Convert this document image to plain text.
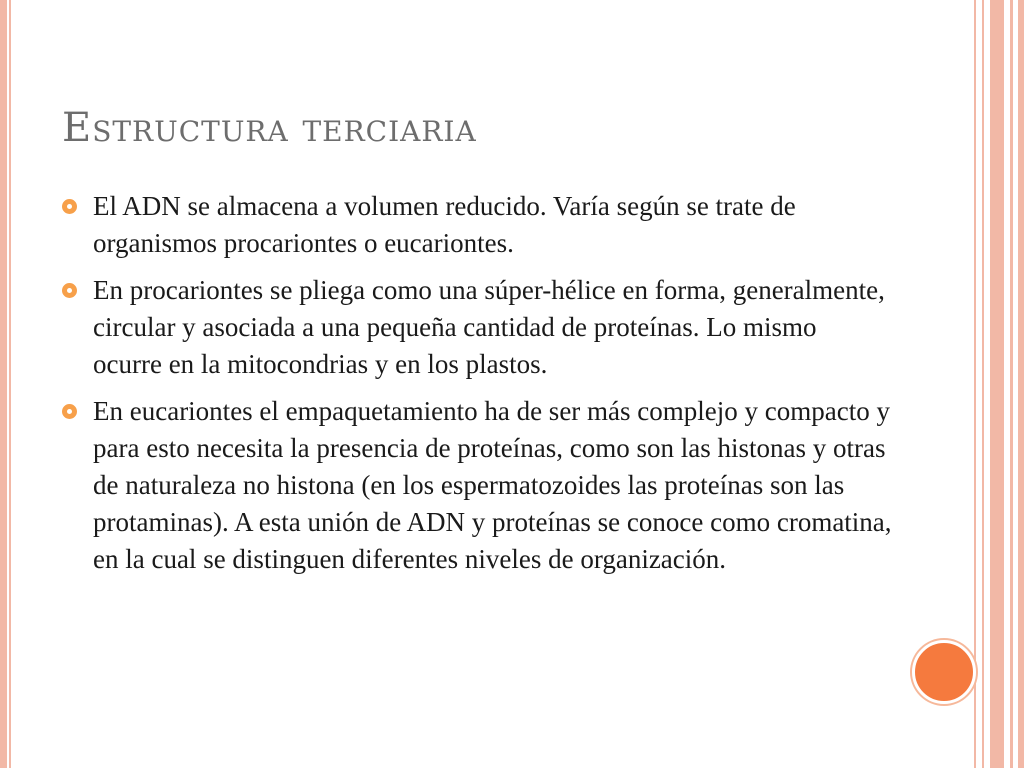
Estructura terciaria
El ADN se almacena a volumen reducido. Varía según se trate de organismos procariontes o eucariontes.
En procariontes se pliega como una súper-hélice en forma, generalmente, circular y asociada a una pequeña cantidad de proteínas. Lo mismo ocurre en la mitocondrias y en los plastos.
En eucariontes el empaquetamiento ha de ser más complejo y compacto y para esto necesita la presencia de proteínas, como son las histonas y otras de naturaleza no histona (en los espermatozoides las proteínas son las protaminas). A esta unión de ADN y proteínas se conoce como cromatina, en la cual se distinguen diferentes niveles de organización.
